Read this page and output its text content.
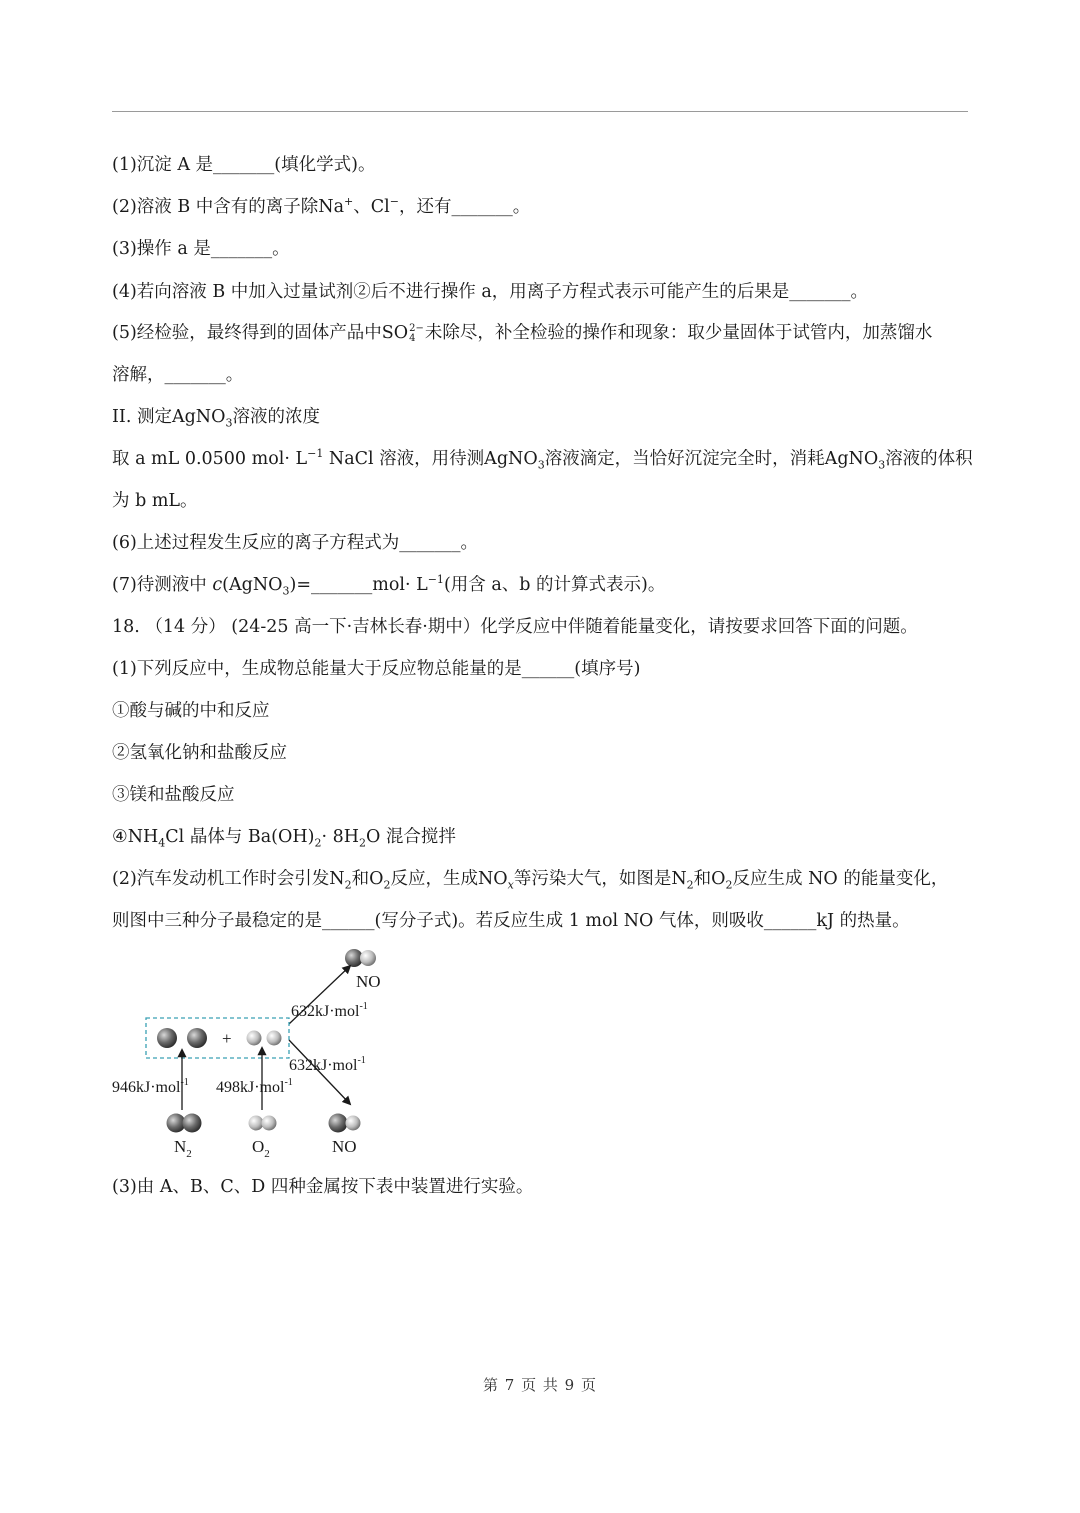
(1)沉淀 A 是_______(填化学式)。
(2)溶液 B 中含有的离子除Na+、Cl−，还有_______。
(3)操作 a 是_______。
(4)若向溶液 B 中加入过量试剂②后不进行操作 a，用离子方程式表示可能产生的后果是_______。
(5)经检验，最终得到的固体产品中SO 2−
4 未除尽，补全检验的操作和现象：取少量固体于试管内，加蒸馏水
溶解，_______。
II. 测定AgNO$_3$溶液的浓度
取 a mL 0.0500 $mol\cdot L^{-1}$ NaCl 溶液，用待测AgNO$_3$溶液滴定，当恰好沉淀完全时，消耗AgNO$_3$溶液的体积
为 b mL。
(6)上述过程发生反应的离子方程式为_______。
(7)待测液中 c(AgNO$_3$)=_______mol· $L^{-1}$(用含 a、b 的计算式表示)。
18. （14 分） (24-25 高一下·吉林长春·期中）化学反应中伴随着能量变化，请按要求回答下面的问题。
(1)下列反应中，生成物总能量大于反应物总能量的是______(填序号)
①酸与碱的中和反应
②氢氧化钠和盐酸反应
③镁和盐酸反应
$④NH_4Cl$ 晶体与 $Ba(OH)_2\cdot 8H_2O$ 混合搅拌
(2)汽车发动机工作时会引发$N_2$和$O_2$反应，生成$NO_x$等污染大气，如图是$N_2$和$O_2$反应生成 NO 的能量变化，
则图中三种分子最稳定的是______(写分子式)。若反应生成 1 mol NO 气体，则吸收______kJ 的热量。
NO
632kJ·mol$^{-1}$
+
632kJ·mol$^{-1}$
946kJ·mol$^{-1}$ 498kJ·mol$^{-1}$
$N_2$	$O_2$	NO
(3)由 A、B、C、D 四种金属按下表中装置进行实验。
第 7 页 共 9 页
